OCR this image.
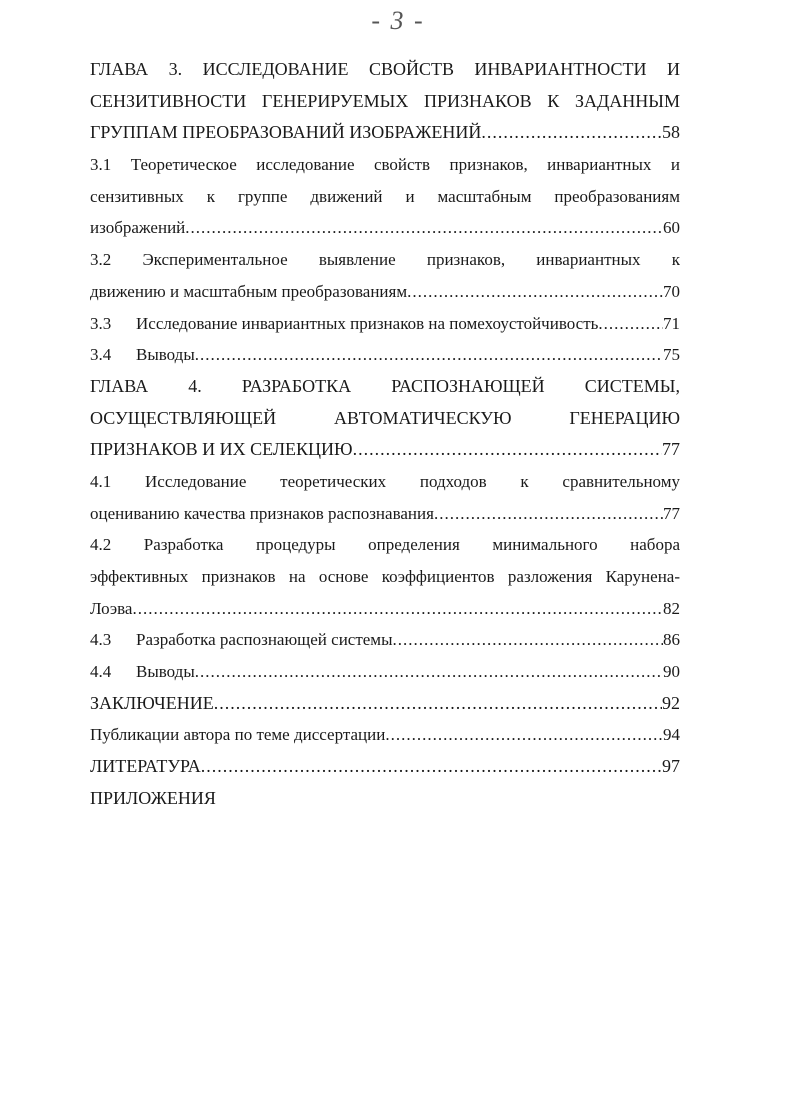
- 3 -
ГЛАВА 3. ИССЛЕДОВАНИЕ СВОЙСТВ ИНВАРИАНТНОСТИ И
СЕНЗИТИВНОСТИ ГЕНЕРИРУЕМЫХ ПРИЗНАКОВ К ЗАДАННЫМ
ГРУППАМ ПРЕОБРАЗОВАНИЙ ИЗОБРАЖЕНИЙ .....	58
3.1 Теоретическое исследование свойств признаков, инвариантных и
сензитивных к группе движений и масштабным преобразованиям
изображений .....	60
3.2 Экспериментальное выявление признаков, инвариантных к
движению и масштабным преобразованиям .....	70
3.3 Исследование инвариантных признаков на помехоустойчивость .....	71
3.4 Выводы .....	75
ГЛАВА 4. РАЗРАБОТКА РАСПОЗНАЮЩЕЙ СИСТЕМЫ,
ОСУЩЕСТВЛЯЮЩЕЙ АВТОМАТИЧЕСКУЮ ГЕНЕРАЦИЮ
ПРИЗНАКОВ И ИХ СЕЛЕКЦИЮ .....	77
4.1 Исследование теоретических подходов к сравнительному
оцениванию качества признаков распознавания .....	77
4.2 Разработка процедуры определения минимального набора
эффективных признаков на основе коэффициентов разложения Карунена-
Лоэва .....	82
4.3 Разработка распознающей системы .....	86
4.4 Выводы .....	90
ЗАКЛЮЧЕНИЕ .....	92
Публикации автора по теме диссертации .....	94
ЛИТЕРАТУРА .....	97
ПРИЛОЖЕНИЯ
